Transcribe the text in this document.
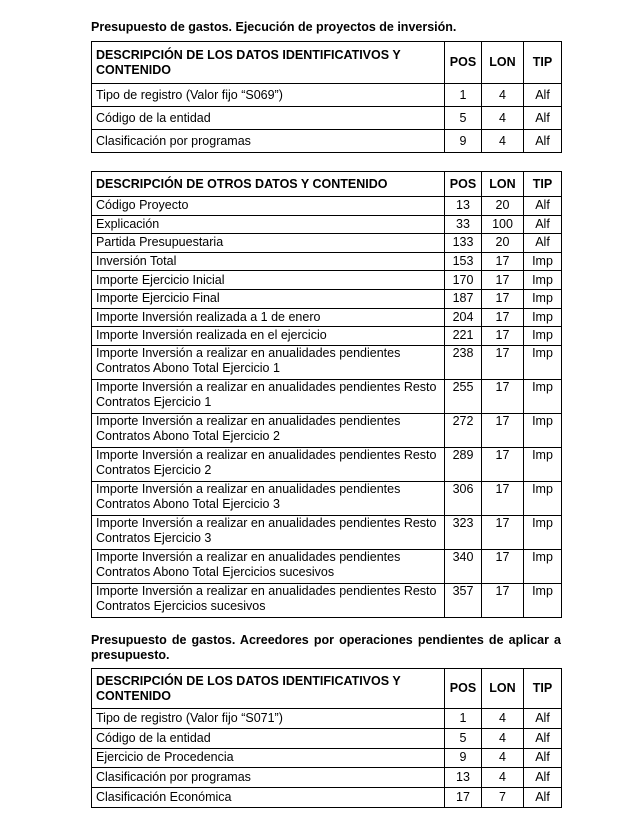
Presupuesto de gastos. Ejecución de proyectos de inversión.

DESCRIPCIÓN DE LOS DATOS IDENTIFICATIVOS Y CONTENIDO	POS	LON	TIP
Tipo de registro (Valor fijo “S069”)	1	4	Alf
Código de la entidad	5	4	Alf
Clasificación por programas	9	4	Alf
DESCRIPCIÓN DE OTROS DATOS Y CONTENIDO	POS	LON	TIP
Código Proyecto	13	20	Alf
Explicación	33	100	Alf
Partida Presupuestaria	133	20	Alf
Inversión Total	153	17	Imp
Importe Ejercicio Inicial	170	17	Imp
Importe Ejercicio Final	187	17	Imp
Importe Inversión realizada a 1 de enero	204	17	Imp
Importe Inversión realizada en el ejercicio	221	17	Imp
Importe Inversión a realizar en anualidades pendientes Contratos Abono Total Ejercicio 1	238	17	Imp
Importe Inversión a realizar en anualidades pendientes Resto Contratos Ejercicio 1	255	17	Imp
Importe Inversión a realizar en anualidades pendientes Contratos Abono Total Ejercicio 2	272	17	Imp
Importe Inversión a realizar en anualidades pendientes Resto Contratos Ejercicio 2	289	17	Imp
Importe Inversión a realizar en anualidades pendientes Contratos Abono Total Ejercicio 3	306	17	Imp
Importe Inversión a realizar en anualidades pendientes Resto Contratos Ejercicio 3	323	17	Imp
Importe Inversión a realizar en anualidades pendientes Contratos Abono Total Ejercicios sucesivos	340	17	Imp
Importe Inversión a realizar en anualidades pendientes Resto Contratos Ejercicios sucesivos	357	17	Imp

Presupuesto de gastos. Acreedores por operaciones pendientes de aplicar a presupuesto.

DESCRIPCIÓN DE LOS DATOS IDENTIFICATIVOS Y CONTENIDO	POS	LON	TIP
Tipo de registro (Valor fijo “S071”)	1	4	Alf
Código de la entidad	5	4	Alf
Ejercicio de Procedencia	9	4	Alf
Clasificación por programas	13	4	Alf
Clasificación Económica	17	7	Alf
